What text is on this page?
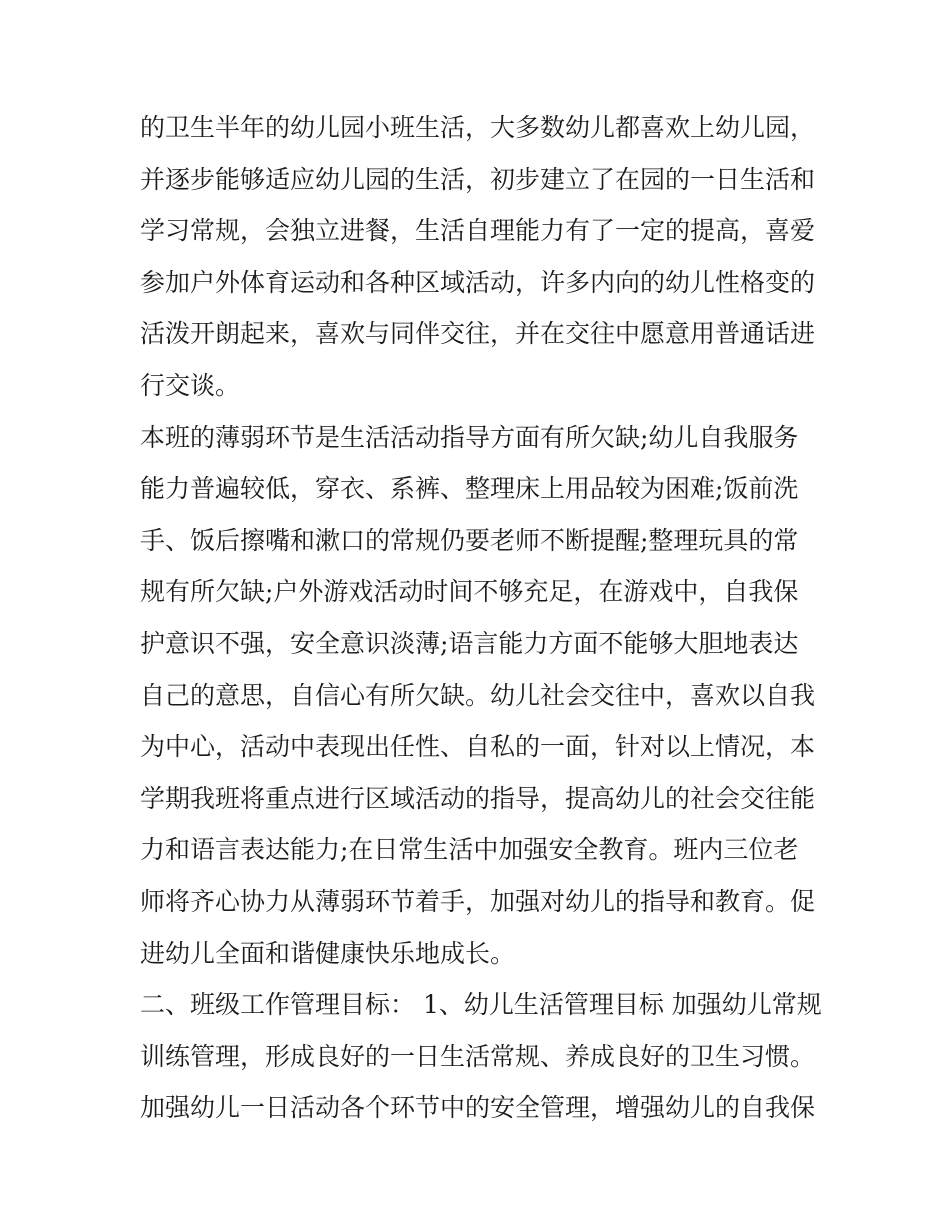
的卫生半年的幼儿园小班生活，大多数幼儿都喜欢上幼儿园，
并逐步能够适应幼儿园的生活，初步建立了在园的一日生活和
学习常规，会独立进餐，生活自理能力有了一定的提高，喜爱
参加户外体育运动和各种区域活动，许多内向的幼儿性格变的
活泼开朗起来，喜欢与同伴交往，并在交往中愿意用普通话进
行交谈。
本班的薄弱环节是生活活动指导方面有所欠缺;幼儿自我服务
能力普遍较低，穿衣、系裤、整理床上用品较为困难;饭前洗
手、饭后擦嘴和漱口的常规仍要老师不断提醒;整理玩具的常
规有所欠缺;户外游戏活动时间不够充足，在游戏中，自我保
护意识不强，安全意识淡薄;语言能力方面不能够大胆地表达
自己的意思，自信心有所欠缺。幼儿社会交往中，喜欢以自我
为中心，活动中表现出任性、自私的一面，针对以上情况，本
学期我班将重点进行区域活动的指导，提高幼儿的社会交往能
力和语言表达能力;在日常生活中加强安全教育。班内三位老
师将齐心协力从薄弱环节着手，加强对幼儿的指导和教育。促
进幼儿全面和谐健康快乐地成长。
二、班级工作管理目标： 1、幼儿生活管理目标 加强幼儿常规
训练管理，形成良好的一日生活常规、养成良好的卫生习惯。
加强幼儿一日活动各个环节中的安全管理，增强幼儿的自我保
